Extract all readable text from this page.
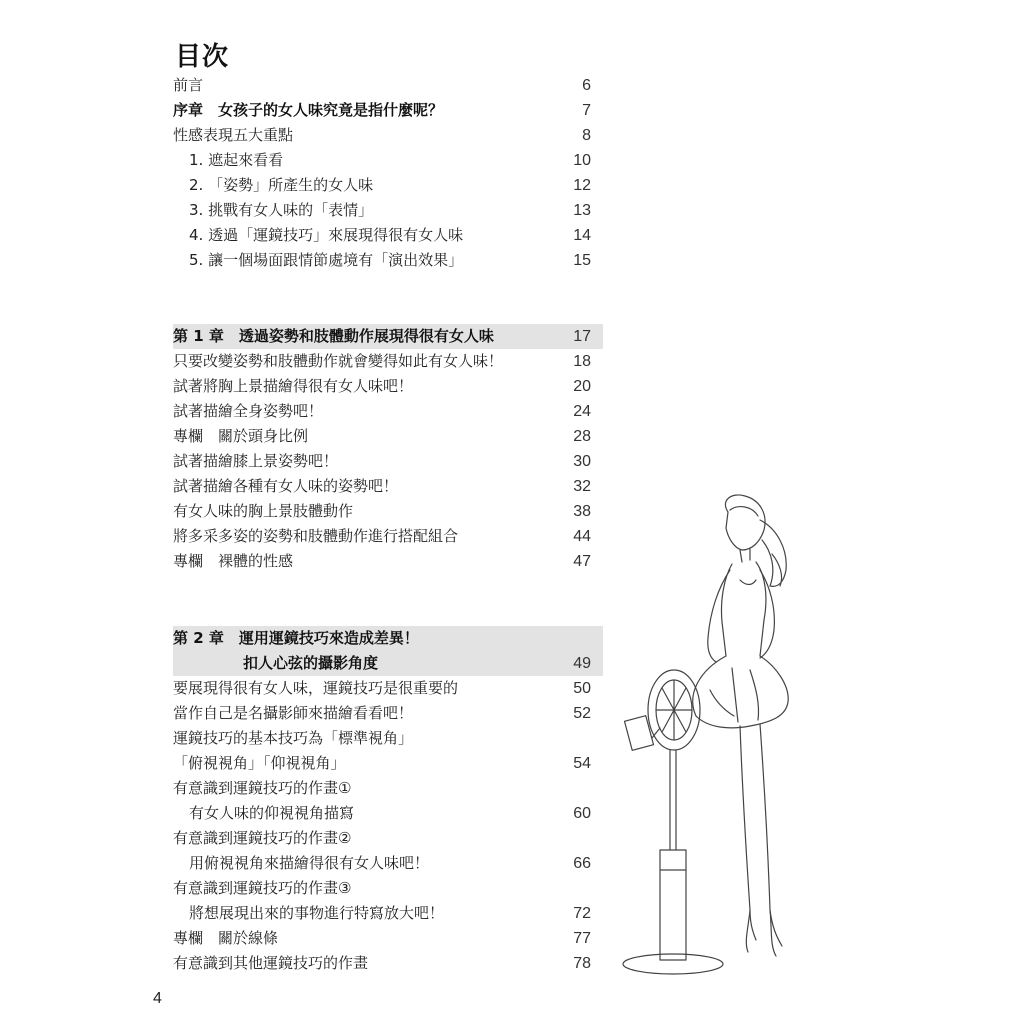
目次
前言	6
序章　女孩子的女人味究竟是指什麼呢？	7
性感表現五大重點	8
1. 遮起來看看	10
2. 「姿勢」所產生的女人味	12
3. 挑戰有女人味的「表情」	13
4. 透過「運鏡技巧」來展現得很有女人味	14
5. 讓一個場面跟情節處境有「演出效果」	15
第 1 章　透過姿勢和肢體動作展現得很有女人味	17
只要改變姿勢和肢體動作就會變得如此有女人味！	18
試著將胸上景描繪得很有女人味吧！	20
試著描繪全身姿勢吧！	24
專欄　關於頭身比例	28
試著描繪膝上景姿勢吧！	30
試著描繪各種有女人味的姿勢吧！	32
有女人味的胸上景肢體動作	38
將多采多姿的姿勢和肢體動作進行搭配組合	44
專欄　裸體的性感	47
第 2 章　運用運鏡技巧來造成差異！
扣人心弦的攝影角度	49
要展現得很有女人味，運鏡技巧是很重要的	50
當作自己是名攝影師來描繪看看吧！	52
運鏡技巧的基本技巧為「標準視角」
「俯視視角」「仰視視角」	54
有意識到運鏡技巧的作畫①
有女人味的仰視視角描寫	60
有意識到運鏡技巧的作畫②
用俯視視角來描繪得很有女人味吧！	66
有意識到運鏡技巧的作畫③
將想展現出來的事物進行特寫放大吧！	72
專欄　關於線條	77
有意識到其他運鏡技巧的作畫	78
4
